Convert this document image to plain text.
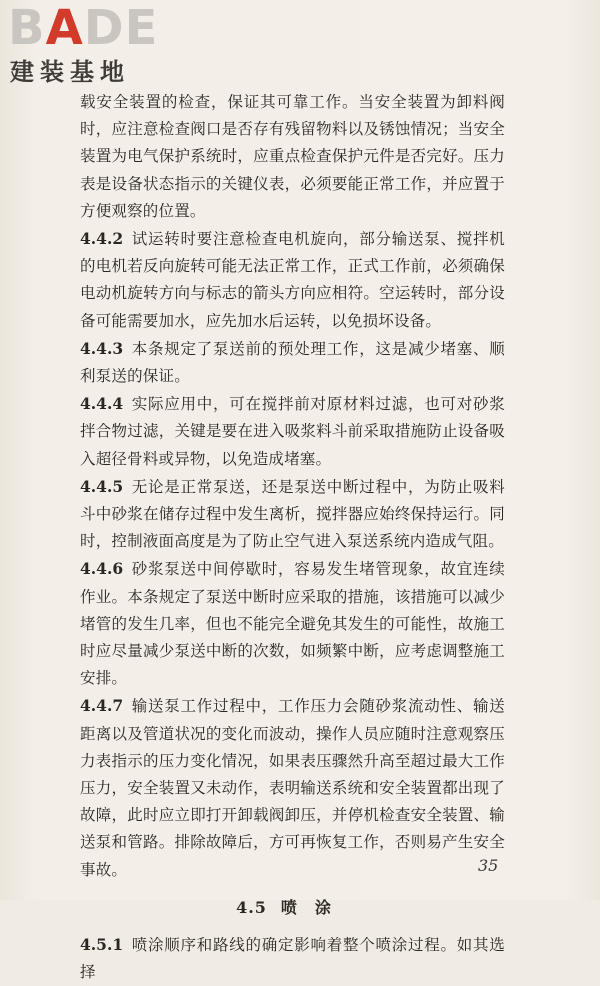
BADE
建装基地

载安全装置的检查，保证其可靠工作。当安全装置为卸料阀时，应注意检查阀口是否存有残留物料以及锈蚀情况；当安全装置为电气保护系统时，应重点检查保护元件是否完好。压力表是设备状态指示的关键仪表，必须要能正常工作，并应置于方便观察的位置。

4.4.2 试运转时要注意检查电机旋向，部分输送泵、搅拌机的电机若反向旋转可能无法正常工作，正式工作前，必须确保电动机旋转方向与标志的箭头方向应相符。空运转时，部分设备可能需要加水，应先加水后运转，以免损坏设备。

4.4.3 本条规定了泵送前的预处理工作，这是减少堵塞、顺利泵送的保证。

4.4.4 实际应用中，可在搅拌前对原材料过滤，也可对砂浆拌合物过滤，关键是要在进入吸浆料斗前采取措施防止设备吸入超径骨料或异物，以免造成堵塞。

4.4.5 无论是正常泵送，还是泵送中断过程中，为防止吸料斗中砂浆在储存过程中发生离析，搅拌器应始终保持运行。同时，控制液面高度是为了防止空气进入泵送系统内造成气阻。

4.4.6 砂浆泵送中间停歇时，容易发生堵管现象，故宜连续作业。本条规定了泵送中断时应采取的措施，该措施可以减少堵管的发生几率，但也不能完全避免其发生的可能性，故施工时应尽量减少泵送中断的次数，如频繁中断，应考虑调整施工安排。

4.4.7 输送泵工作过程中，工作压力会随砂浆流动性、输送距离以及管道状况的变化而波动，操作人员应随时注意观察压力表指示的压力变化情况，如果表压骤然升高至超过最大工作压力，安全装置又未动作，表明输送系统和安全装置都出现了故障，此时应立即打开卸载阀卸压，并停机检查安全装置、输送泵和管路。排除故障后，方可再恢复工作，否则易产生安全事故。

4.5 喷涂

4.5.1 喷涂顺序和路线的确定影响着整个喷涂过程。如其选择

35
